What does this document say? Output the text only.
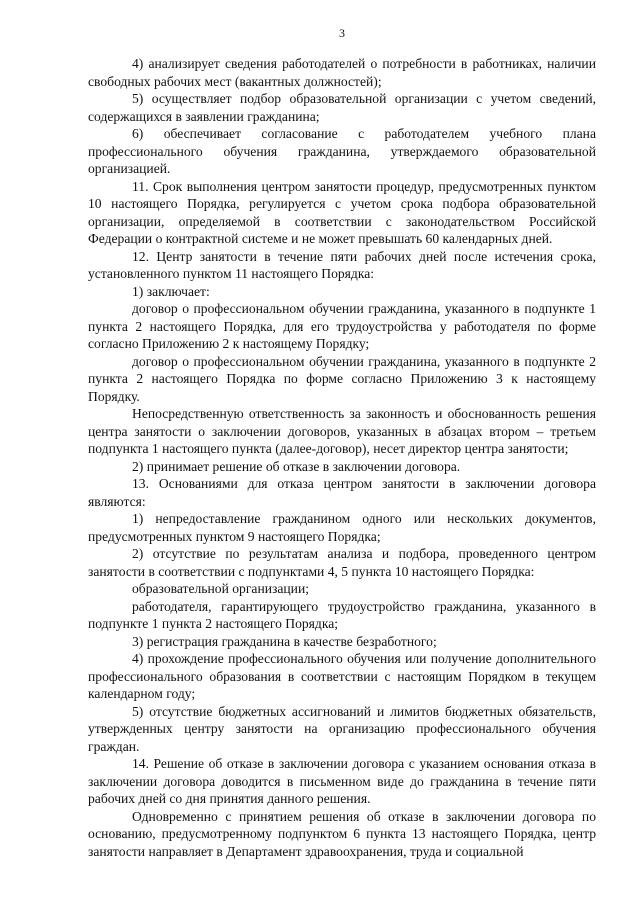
3

4) анализирует сведения работодателей о потребности в работниках, наличии свободных рабочих мест (вакантных должностей);

5) осуществляет подбор образовательной организации с учетом сведений, содержащихся в заявлении гражданина;

6) обеспечивает согласование с работодателем учебного плана профессионального обучения гражданина, утверждаемого образовательной организацией.

11. Срок выполнения центром занятости процедур, предусмотренных пунктом 10 настоящего Порядка, регулируется с учетом срока подбора образовательной организации, определяемой в соответствии с законодательством Российской Федерации о контрактной системе и не может превышать 60 календарных дней.

12. Центр занятости в течение пяти рабочих дней после истечения срока, установленного пунктом 11 настоящего Порядка:

1) заключает:

договор о профессиональном обучении гражданина, указанного в подпункте 1 пункта 2 настоящего Порядка, для его трудоустройства у работодателя по форме согласно Приложению 2 к настоящему Порядку;

договор о профессиональном обучении гражданина, указанного в подпункте 2 пункта 2 настоящего Порядка по форме согласно Приложению 3 к настоящему Порядку.

Непосредственную ответственность за законность и обоснованность решения центра занятости о заключении договоров, указанных в абзацах втором – третьем подпункта 1 настоящего пункта (далее-договор), несет директор центра занятости;

2) принимает решение об отказе в заключении договора.

13. Основаниями для отказа центром занятости в заключении договора являются:

1) непредоставление гражданином одного или нескольких документов, предусмотренных пунктом 9 настоящего Порядка;

2) отсутствие по результатам анализа и подбора, проведенного центром занятости в соответствии с подпунктами 4, 5 пункта 10 настоящего Порядка:

образовательной организации;

работодателя, гарантирующего трудоустройство гражданина, указанного в подпункте 1 пункта 2 настоящего Порядка;

3) регистрация гражданина в качестве безработного;

4) прохождение профессионального обучения или получение дополнительного профессионального образования в соответствии с настоящим Порядком в текущем календарном году;

5) отсутствие бюджетных ассигнований и лимитов бюджетных обязательств, утвержденных центру занятости на организацию профессионального обучения граждан.

14. Решение об отказе в заключении договора с указанием основания отказа в заключении договора доводится в письменном виде до гражданина в течение пяти рабочих дней со дня принятия данного решения.

Одновременно с принятием решения об отказе в заключении договора по основанию, предусмотренному подпунктом 6 пункта 13 настоящего Порядка, центр занятости направляет в Департамент здравоохранения, труда и социальной
